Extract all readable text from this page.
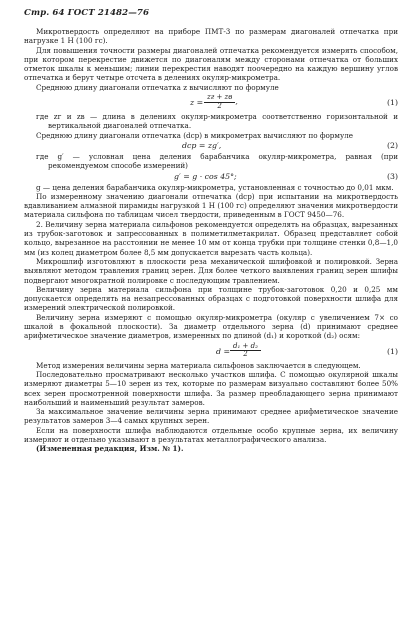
Стр. 64 ГОСТ 21482—76

Микротвердость определяют на приборе ПМТ-3 по размерам диагоналей отпечатка при нагрузке 1 Н (100 гс).

Для повышения точности размеры диагоналей отпечатка рекомендуется измерять способом, при котором перекрестие движется по диагоналям между сторонами отпечатка от больших отметок шкалы к меньшим; линии перекрестия наводят поочередно на каждую вершину углов отпечатка и берут четыре отсчета в делениях окуляр-микрометра.

Среднюю длину диагонали отпечатка z вычисляют по формуле

$z = \frac{zг + zв}{2}$ ,	(1)

где zг и zв — длина в делениях окуляр-микрометра соответственно горизонтальной и вертикальной диагоналей отпечатка.

Среднюю длину диагонали отпечатка (dср) в микрометрах вычисляют по формуле

dср = zg′,	(2)

где g′ — условная цена деления барабанчика окуляр-микрометра, равная (при рекомендуемом способе измерений)

g′ = g · cos 45°;	(3)

g — цена деления барабанчика окуляр-микрометра, установленная с точностью до 0,01 мкм.

По измеренному значению диагонали отпечатка (dср) при испытании на микротвердость вдавливанием алмазной пирамиды нагрузкой 1 Н (100 гс) определяют значения микротвердости материала сильфона по таблицам чисел твердости, приведенным в ГОСТ 9450—76.

2. Величину зерна материала сильфонов рекомендуется определять на образцах, вырезанных из трубок-заготовок и запрессованных в полиметилметакрилат. Образец представляет собой кольцо, вырезанное на расстоянии не менее 10 мм от конца трубки при толщине стенки 0,8—1,0 мм (из колец диаметром более 8,5 мм допускается вырезать часть кольца).

Микрошлиф изготовляют в плоскости реза механической шлифовкой и полировкой. Зерна выявляют методом травления границ зерен. Для более четкого выявления границ зерен шлифы подвергают многократной полировке с последующим травлением.

Величину зерна материала сильфона при толщине трубок-заготовок 0,20 и 0,25 мм допускается определять на незапрессованных образцах с подготовкой поверхности шлифа для измерений электрической полировкой.

Величину зерна измеряют с помощью окуляр-микрометра (окуляр с увеличением 7× со шкалой в фокальной плоскости). За диаметр отдельного зерна (d) принимают среднее арифметическое значение диаметров, измеренных по длиной (d₁) и короткой (d₂) осям:

$d = \frac{\text{d₁ + d₂}}{2}$	(1)

Метод измерения величины зерна материала сильфонов заключается в следующем.

Последовательно просматривают несколько участков шлифа. С помощью окулярной шкалы измеряют диаметры 5—10 зерен из тех, которые по размерам визуально составляют более 50% всех зерен просмотренной поверхности шлифа. За размер преобладающего зерна принимают наибольший и наименьший результат замеров.

За максимальное значение величины зерна принимают среднее арифметическое значение результатов замеров 3—4 самых крупных зерен.

Если на поверхности шлифа наблюдаются отдельные особо крупные зерна, их величину измеряют и отдельно указывают в результатах металлографического анализа.

(Измененная редакция, Изм. № 1).
